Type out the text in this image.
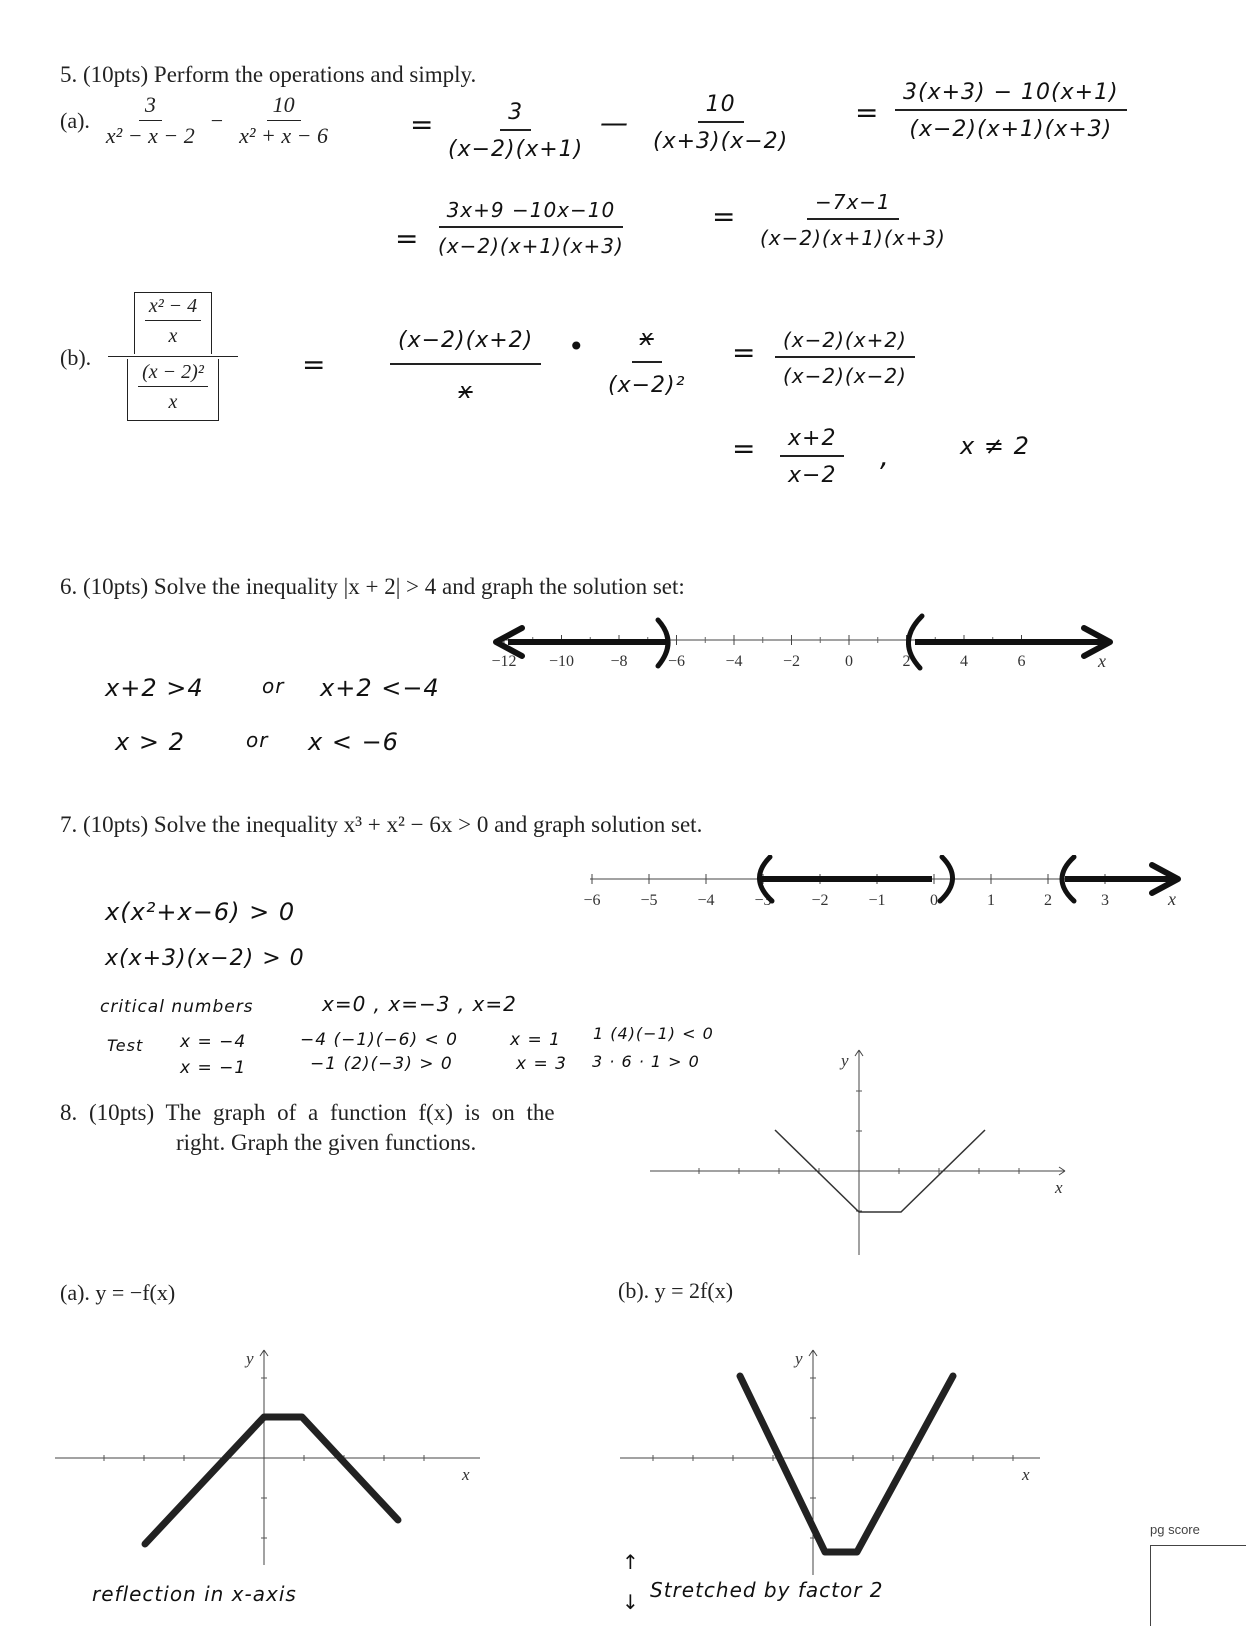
5. (10pts) Perform the operations and simply.
(a). $\frac{3}{\text{x² − x − 2}} - \frac{10}{\text{x² + x − 6}}$	= $\frac{3}{(x-2)(x+1)}$ — $\frac{10}{(x+3)(x-2)} = \frac{3(x+3) - 10(x+1)}{(x-2)(x+1)(x+3)}$
= $\frac{3x+9 -10x-10}{(x-2)(x+1)(x+3)}$	= $\frac{-7x-1}{(x-2)(x+1)(x+3)}$
(b).
x² − 4
x
(x − 2)²
x
=	$\frac{(x-2)(x+2)}{x}$ • $\frac{x}{\text{(x−2)²}} = \frac{(x-2)(x+2)}{(x-2)(x-2)}$
= $\frac{x+2}{x-2}$ ,	x ≠ 2
6. (10pts) Solve the inequality |x + 2| > 4 and graph the solution set:
−12 −10 −8	−6	−4	−2	0	2	4	6	x
x+2 >4	or x+2 <−4
x > 2	or x < −6
7. (10pts) Solve the inequality x³ + x² − 6x > 0 and graph solution set.
−6 −5 −4 −3 −2 −1	0	1	2	3	x
x(x²+x−6) > 0
x(x+3)(x−2) > 0
critical numbers	x=0 , x=−3 , x=2
Test x = −4	−4 (−1)(−6) < 0	x = 1 1 (4)(−1) < 0
x = −1	−1 (2)(−3) > 0	x = 3 3 · 6 · 1 > 0
8. (10pts) The graph of a function f(x) is on the
right. Graph the given functions.
y
x
(a). y = −f(x)	(b). y = 2f(x)
y
x
reflection in x-axis
y
x
↑
↓ Stretched by factor 2
pg score
